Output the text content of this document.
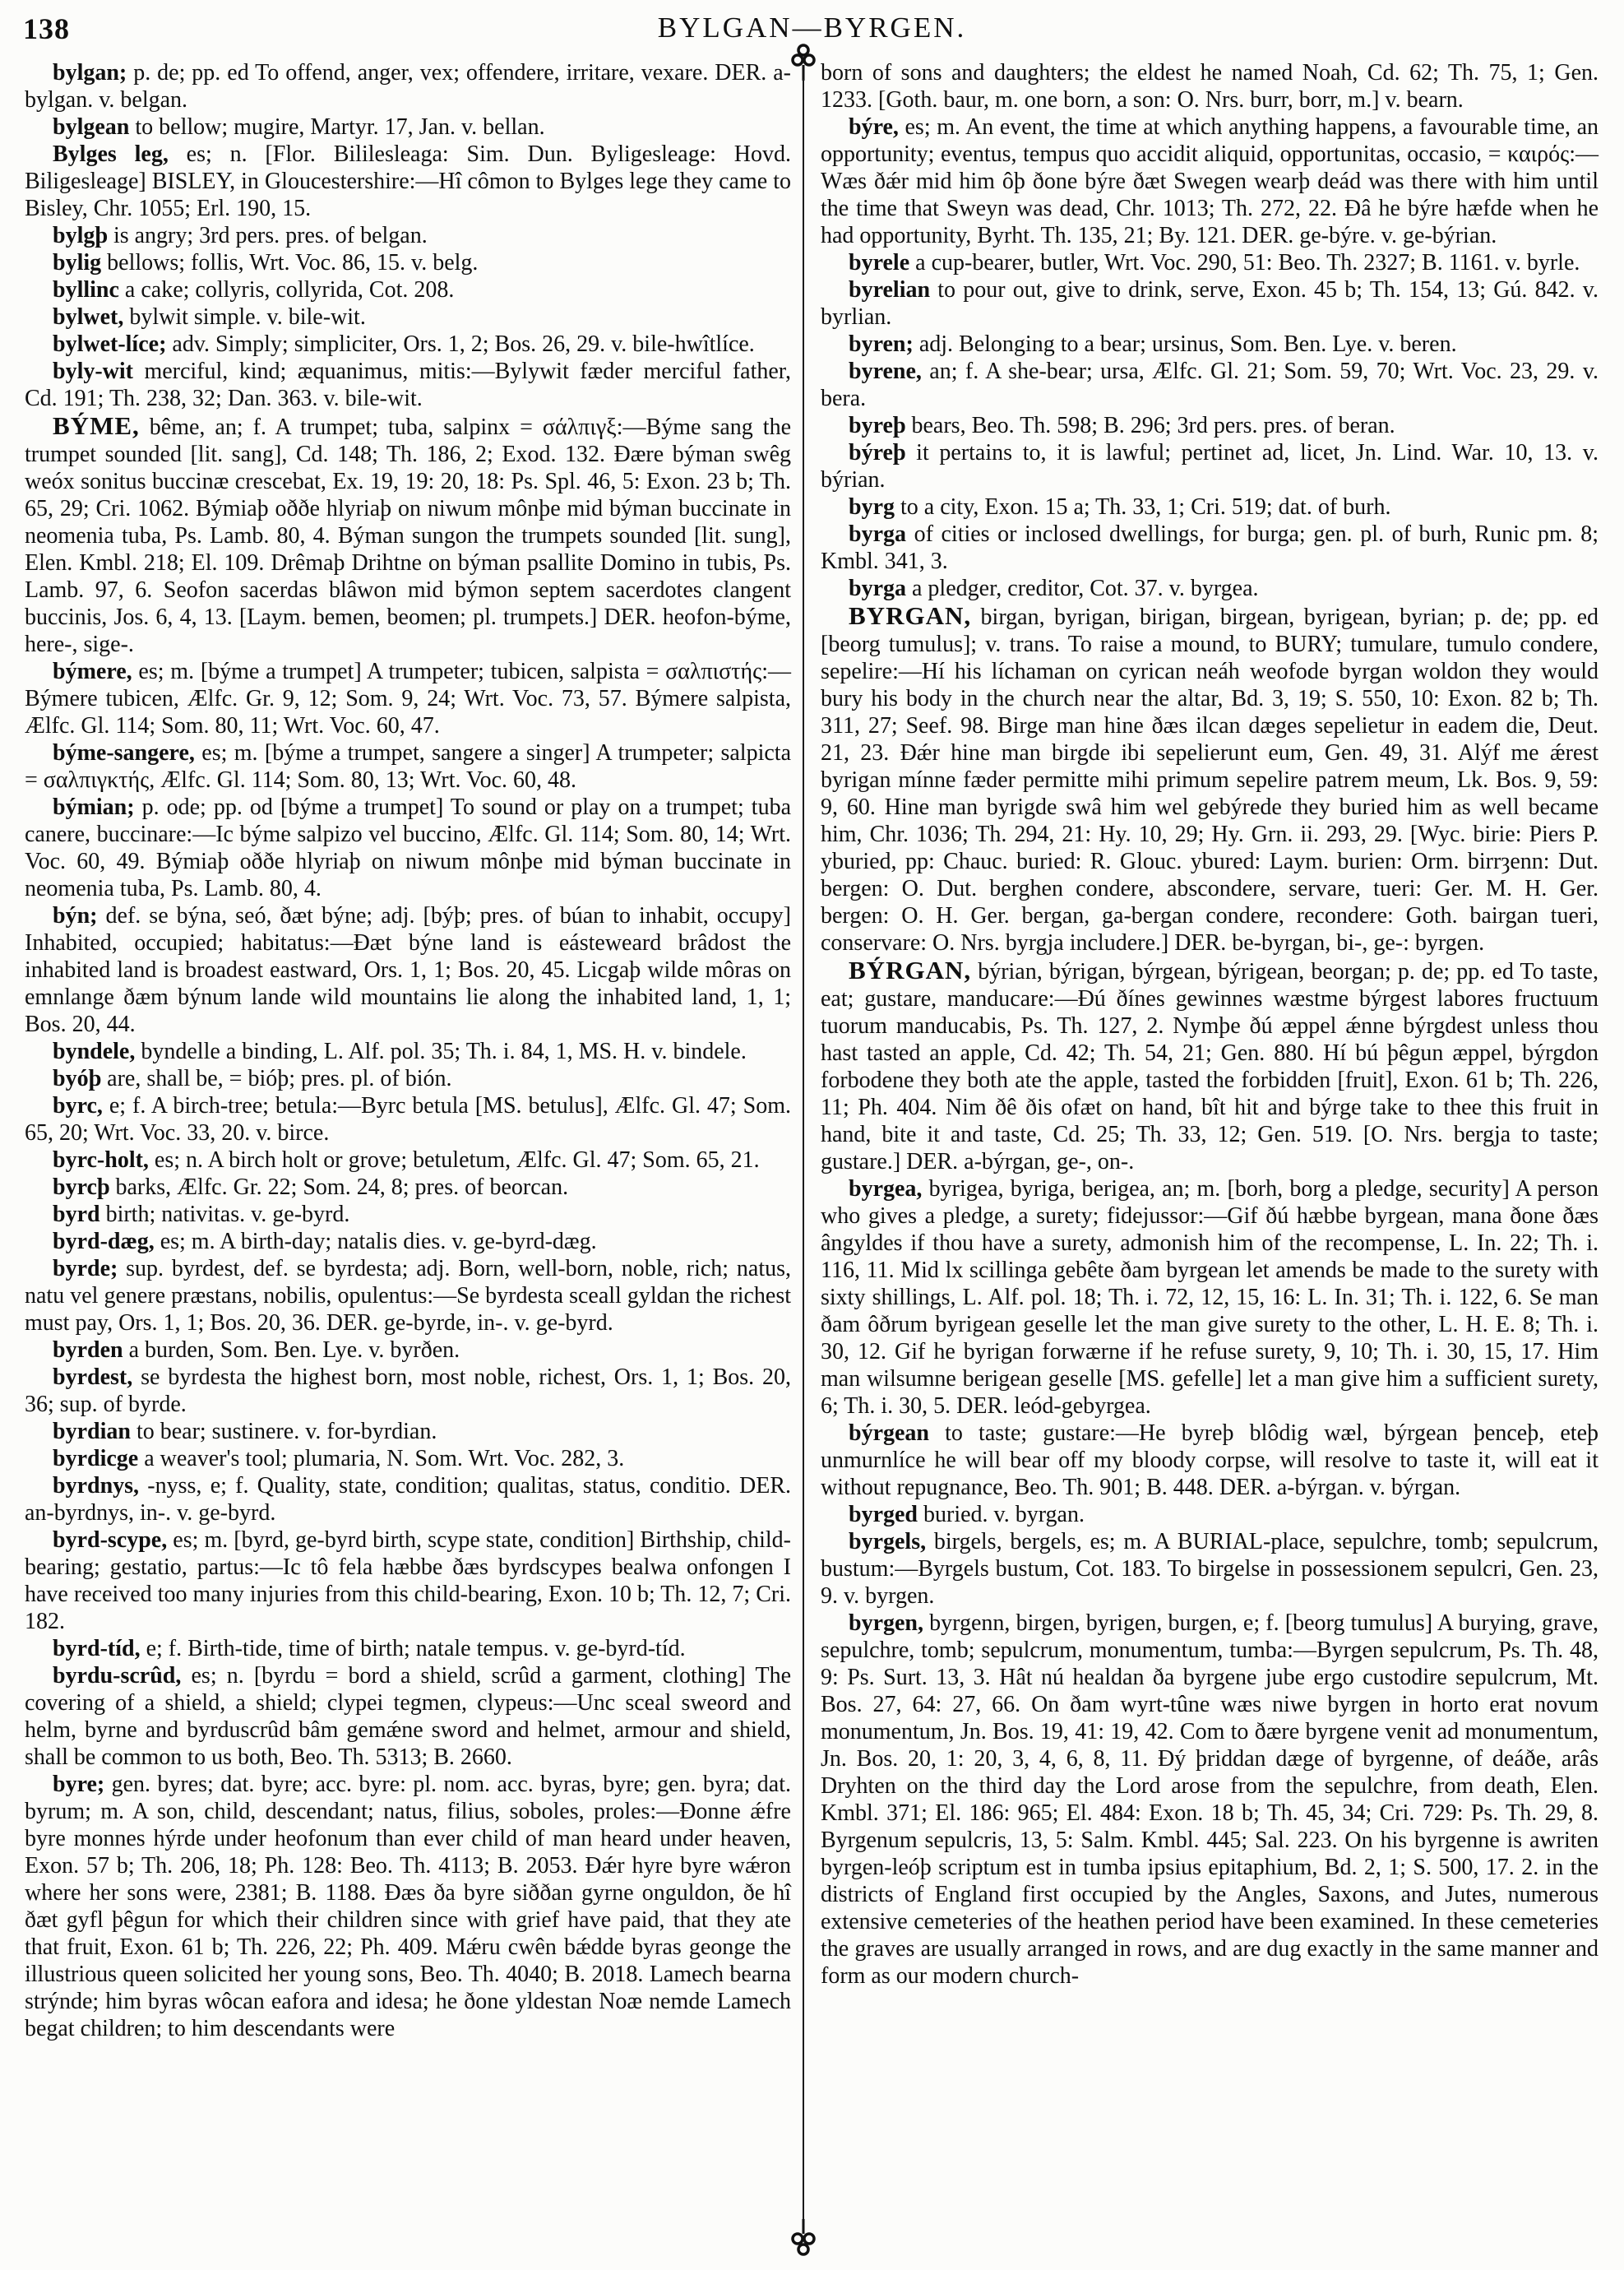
138	BYLGAN—BYRGEN.

bylgan; p. de; pp. ed To offend, anger, vex; offendere, irritare, vexare. DER. a-bylgan. v. belgan.

bylgean to bellow; mugire, Martyr. 17, Jan. v. bellan.

Bylges leg, es; n. [Flor. Bililesleaga: Sim. Dun. Byligesleage: Hovd. Biligesleage] BISLEY, in Gloucestershire:—Hî cômon to Bylges lege they came to Bisley, Chr. 1055; Erl. 190, 15.

bylgþ is angry; 3rd pers. pres. of belgan.

bylig bellows; follis, Wrt. Voc. 86, 15. v. belg.

byllinc a cake; collyris, collyrida, Cot. 208.

bylwet, bylwit simple. v. bile-wit.

bylwet-líce; adv. Simply; simpliciter, Ors. 1, 2; Bos. 26, 29. v. bile-hwîtlíce.

byly-wit merciful, kind; æquanimus, mitis:—Bylywit fæder merciful father, Cd. 191; Th. 238, 32; Dan. 363. v. bile-wit.

BÝME, bême, an; f. A trumpet; tuba, salpinx = σάλπιγξ:—Býme sang the trumpet sounded [lit. sang], Cd. 148; Th. 186, 2; Exod. 132. Ðære býman swêg weóx sonitus buccinæ crescebat, Ex. 19, 19: 20, 18: Ps. Spl. 46, 5: Exon. 23 b; Th. 65, 29; Cri. 1062. Býmiaþ oððe hlyriaþ on niwum mônþe mid býman buccinate in neomenia tuba, Ps. Lamb. 80, 4. Býman sungon the trumpets sounded [lit. sung], Elen. Kmbl. 218; El. 109. Drêmaþ Drihtne on býman psallite Domino in tubis, Ps. Lamb. 97, 6. Seofon sacerdas blâwon mid býmon septem sacerdotes clangent buccinis, Jos. 6, 4, 13. [Laym. bemen, beomen; pl. trumpets.] DER. heofon-býme, here-, sige-.

býmere, es; m. [býme a trumpet] A trumpeter; tubicen, salpista = σαλπιστής:—Býmere tubicen, Ælfc. Gr. 9, 12; Som. 9, 24; Wrt. Voc. 73, 57. Býmere salpista, Ælfc. Gl. 114; Som. 80, 11; Wrt. Voc. 60, 47.

býme-sangere, es; m. [býme a trumpet, sangere a singer] A trumpeter; salpicta = σαλπιγκτής, Ælfc. Gl. 114; Som. 80, 13; Wrt. Voc. 60, 48.

býmian; p. ode; pp. od [býme a trumpet] To sound or play on a trumpet; tuba canere, buccinare:—Ic býme salpizo vel buccino, Ælfc. Gl. 114; Som. 80, 14; Wrt. Voc. 60, 49. Býmiaþ oððe hlyriaþ on niwum mônþe mid býman buccinate in neomenia tuba, Ps. Lamb. 80, 4.

býn; def. se býna, seó, ðæt býne; adj. [býþ; pres. of búan to inhabit, occupy] Inhabited, occupied; habitatus:—Ðæt býne land is eásteweard brâdost the inhabited land is broadest eastward, Ors. 1, 1; Bos. 20, 45. Licgaþ wilde môras on emnlange ðæm býnum lande wild mountains lie along the inhabited land, 1, 1; Bos. 20, 44.

byndele, byndelle a binding, L. Alf. pol. 35; Th. i. 84, 1, MS. H. v. bindele.

byóþ are, shall be, = bióþ; pres. pl. of bión.

byrc, e; f. A birch-tree; betula:—Byrc betula [MS. betulus], Ælfc. Gl. 47; Som. 65, 20; Wrt. Voc. 33, 20. v. birce.

byrc-holt, es; n. A birch holt or grove; betuletum, Ælfc. Gl. 47; Som. 65, 21.

byrcþ barks, Ælfc. Gr. 22; Som. 24, 8; pres. of beorcan.

byrd birth; nativitas. v. ge-byrd.

byrd-dæg, es; m. A birth-day; natalis dies. v. ge-byrd-dæg.

byrde; sup. byrdest, def. se byrdesta; adj. Born, well-born, noble, rich; natus, natu vel genere præstans, nobilis, opulentus:—Se byrdesta sceall gyldan the richest must pay, Ors. 1, 1; Bos. 20, 36. DER. ge-byrde, in-. v. ge-byrd.

byrden a burden, Som. Ben. Lye. v. byrðen.

byrdest, se byrdesta the highest born, most noble, richest, Ors. 1, 1; Bos. 20, 36; sup. of byrde.

byrdian to bear; sustinere. v. for-byrdian.

byrdicge a weaver's tool; plumaria, N. Som. Wrt. Voc. 282, 3.

byrdnys, -nyss, e; f. Quality, state, condition; qualitas, status, conditio. DER. an-byrdnys, in-. v. ge-byrd.

byrd-scype, es; m. [byrd, ge-byrd birth, scype state, condition] Birthship, child-bearing; gestatio, partus:—Ic tô fela hæbbe ðæs byrdscypes bealwa onfongen I have received too many injuries from this child-bearing, Exon. 10 b; Th. 12, 7; Cri. 182.

byrd-tíd, e; f. Birth-tide, time of birth; natale tempus. v. ge-byrd-tíd.

byrdu-scrûd, es; n. [byrdu = bord a shield, scrûd a garment, clothing] The covering of a shield, a shield; clypei tegmen, clypeus:—Unc sceal sweord and helm, byrne and byrduscrûd bâm gemǽne sword and helmet, armour and shield, shall be common to us both, Beo. Th. 5313; B. 2660.

byre; gen. byres; dat. byre; acc. byre: pl. nom. acc. byras, byre; gen. byra; dat. byrum; m. A son, child, descendant; natus, filius, soboles, proles:—Ðonne ǽfre byre monnes hýrde under heofonum than ever child of man heard under heaven, Exon. 57 b; Th. 206, 18; Ph. 128: Beo. Th. 4113; B. 2053. Ðǽr hyre byre wǽron where her sons were, 2381; B. 1188. Ðæs ða byre siððan gyrne onguldon, ðe hî ðæt gyfl þêgun for which their children since with grief have paid, that they ate that fruit, Exon. 61 b; Th. 226, 22; Ph. 409. Mǽru cwên bǽdde byras geonge the illustrious queen solicited her young sons, Beo. Th. 4040; B. 2018. Lamech bearna strýnde; him byras wôcan eafora and idesa; he ðone yldestan Noæ nemde Lamech begat children; to him descendants were

born of sons and daughters; the eldest he named Noah, Cd. 62; Th. 75, 1; Gen. 1233. [Goth. baur, m. one born, a son: O. Nrs. burr, borr, m.] v. bearn.

býre, es; m. An event, the time at which anything happens, a favourable time, an opportunity; eventus, tempus quo accidit aliquid, opportunitas, occasio, = καιρός:—Wæs ðǽr mid him ôþ ðone býre ðæt Swegen wearþ deád was there with him until the time that Sweyn was dead, Chr. 1013; Th. 272, 22. Ðâ he býre hæfde when he had opportunity, Byrht. Th. 135, 21; By. 121. DER. ge-býre. v. ge-býrian.

byrele a cup-bearer, butler, Wrt. Voc. 290, 51: Beo. Th. 2327; B. 1161. v. byrle.

byrelian to pour out, give to drink, serve, Exon. 45 b; Th. 154, 13; Gú. 842. v. byrlian.

byren; adj. Belonging to a bear; ursinus, Som. Ben. Lye. v. beren.

byrene, an; f. A she-bear; ursa, Ælfc. Gl. 21; Som. 59, 70; Wrt. Voc. 23, 29. v. bera.

byreþ bears, Beo. Th. 598; B. 296; 3rd pers. pres. of beran.

býreþ it pertains to, it is lawful; pertinet ad, licet, Jn. Lind. War. 10, 13. v. býrian.

byrg to a city, Exon. 15 a; Th. 33, 1; Cri. 519; dat. of burh.

byrga of cities or inclosed dwellings, for burga; gen. pl. of burh, Runic pm. 8; Kmbl. 341, 3.

byrga a pledger, creditor, Cot. 37. v. byrgea.

BYRGAN, birgan, byrigan, birigan, birgean, byrigean, byrian; p. de; pp. ed [beorg tumulus]; v. trans. To raise a mound, to BURY; tumulare, tumulo condere, sepelire:—Hí his líchaman on cyrican neáh weofode byrgan woldon they would bury his body in the church near the altar, Bd. 3, 19; S. 550, 10: Exon. 82 b; Th. 311, 27; Seef. 98. Birge man hine ðæs ilcan dæges sepelietur in eadem die, Deut. 21, 23. Ðǽr hine man birgde ibi sepelierunt eum, Gen. 49, 31. Alýf me ǽrest byrigan mínne fæder permitte mihi primum sepelire patrem meum, Lk. Bos. 9, 59: 9, 60. Hine man byrigde swâ him wel gebýrede they buried him as well became him, Chr. 1036; Th. 294, 21: Hy. 10, 29; Hy. Grn. ii. 293, 29. [Wyc. birie: Piers P. yburied, pp: Chauc. buried: R. Glouc. ybured: Laym. burien: Orm. birrȝenn: Dut. bergen: O. Dut. berghen condere, abscondere, servare, tueri: Ger. M. H. Ger. bergen: O. H. Ger. bergan, ga-bergan condere, recondere: Goth. bairgan tueri, conservare: O. Nrs. byrgja includere.] DER. be-byrgan, bi-, ge-: byrgen.

BÝRGAN, býrian, býrigan, býrgean, býrigean, beorgan; p. de; pp. ed To taste, eat; gustare, manducare:—Ðú ðínes gewinnes wæstme býrgest labores fructuum tuorum manducabis, Ps. Th. 127, 2. Nymþe ðú æppel ǽnne býrgdest unless thou hast tasted an apple, Cd. 42; Th. 54, 21; Gen. 880. Hí bú þêgun æppel, býrgdon forbodene they both ate the apple, tasted the forbidden [fruit], Exon. 61 b; Th. 226, 11; Ph. 404. Nim ðê ðis ofæt on hand, bît hit and býrge take to thee this fruit in hand, bite it and taste, Cd. 25; Th. 33, 12; Gen. 519. [O. Nrs. bergja to taste; gustare.] DER. a-býrgan, ge-, on-.

byrgea, byrigea, byriga, berigea, an; m. [borh, borg a pledge, security] A person who gives a pledge, a surety; fidejussor:—Gif ðú hæbbe byrgean, mana ðone ðæs ângyldes if thou have a surety, admonish him of the recompense, L. In. 22; Th. i. 116, 11. Mid lx scillinga gebête ðam byrgean let amends be made to the surety with sixty shillings, L. Alf. pol. 18; Th. i. 72, 12, 15, 16: L. In. 31; Th. i. 122, 6. Se man ðam ôðrum byrigean geselle let the man give surety to the other, L. H. E. 8; Th. i. 30, 12. Gif he byrigan forwærne if he refuse surety, 9, 10; Th. i. 30, 15, 17. Him man wilsumne berigean geselle [MS. gefelle] let a man give him a sufficient surety, 6; Th. i. 30, 5. DER. leód-gebyrgea.

býrgean to taste; gustare:—He byreþ blôdig wæl, býrgean þenceþ, eteþ unmurnlíce he will bear off my bloody corpse, will resolve to taste it, will eat it without repugnance, Beo. Th. 901; B. 448. DER. a-býrgan. v. býrgan.

byrged buried. v. byrgan.

byrgels, birgels, bergels, es; m. A BURIAL-place, sepulchre, tomb; sepulcrum, bustum:—Byrgels bustum, Cot. 183. To birgelse in possessionem sepulcri, Gen. 23, 9. v. byrgen.

byrgen, byrgenn, birgen, byrigen, burgen, e; f. [beorg tumulus] A burying, grave, sepulchre, tomb; sepulcrum, monumentum, tumba:—Byrgen sepulcrum, Ps. Th. 48, 9: Ps. Surt. 13, 3. Hât nú healdan ða byrgene jube ergo custodire sepulcrum, Mt. Bos. 27, 64: 27, 66. On ðam wyrt-tûne wæs niwe byrgen in horto erat novum monumentum, Jn. Bos. 19, 41: 19, 42. Com to ðære byrgene venit ad monumentum, Jn. Bos. 20, 1: 20, 3, 4, 6, 8, 11. Ðý þriddan dæge of byrgenne, of deáðe, arâs Dryhten on the third day the Lord arose from the sepulchre, from death, Elen. Kmbl. 371; El. 186: 965; El. 484: Exon. 18 b; Th. 45, 34; Cri. 729: Ps. Th. 29, 8. Byrgenum sepulcris, 13, 5: Salm. Kmbl. 445; Sal. 223. On his byrgenne is awriten byrgen-leóþ scriptum est in tumba ipsius epitaphium, Bd. 2, 1; S. 500, 17. 2. in the districts of England first occupied by the Angles, Saxons, and Jutes, numerous extensive cemeteries of the heathen period have been examined. In these cemeteries the graves are usually arranged in rows, and are dug exactly in the same manner and form as our modern church-
